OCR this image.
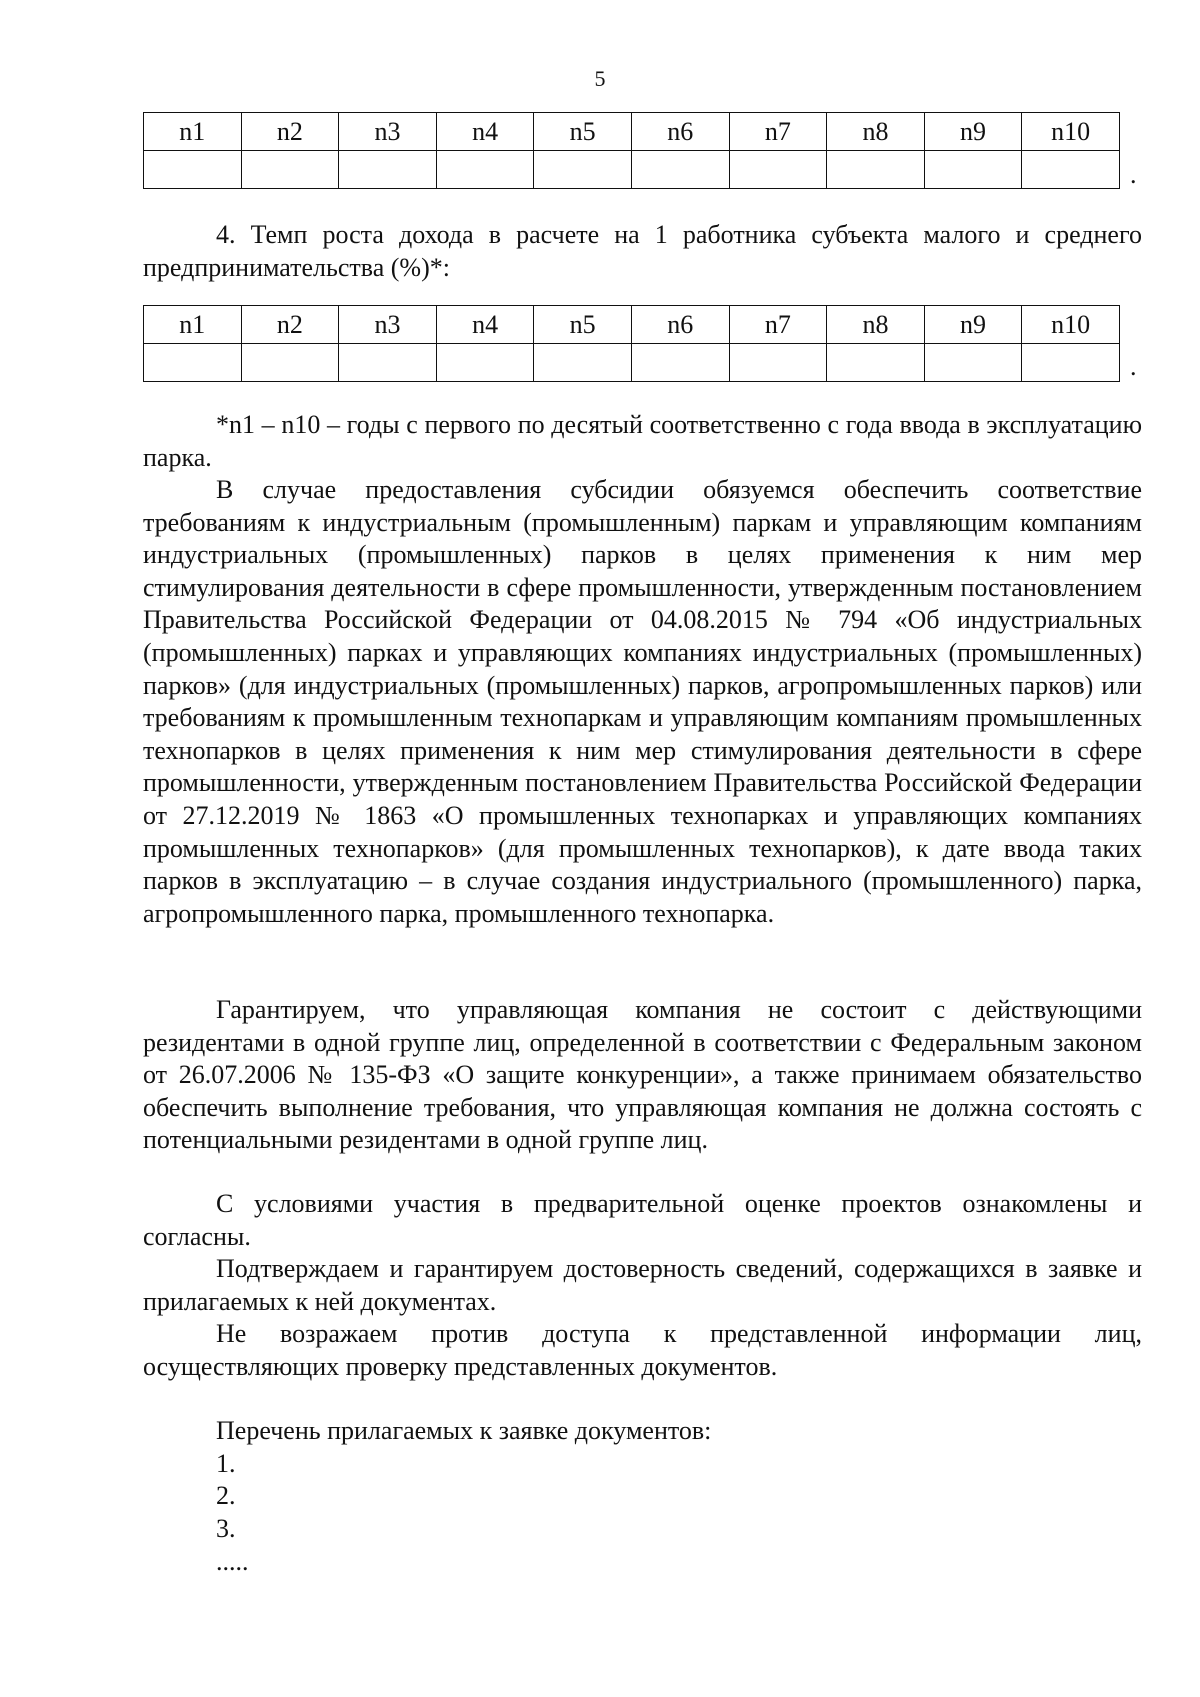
5
n1	n2	n3	n4	n5	n6	n7	n8	n9	n10

.

4. Темп роста дохода в расчете на 1 работника субъекта малого и среднего предпринимательства (%)*:

n1	n2	n3	n4	n5	n6	n7	n8	n9	n10

.

*n1 – n10 – годы с первого по десятый соответственно с года ввода в эксплуатацию парка.

В случае предоставления субсидии обязуемся обеспечить соответствие требованиям к индустриальным (промышленным) паркам и управляющим компаниям индустриальных (промышленных) парков в целях применения к ним мер стимулирования деятельности в сфере промышленности, утвержденным постановлением Правительства Российской Федерации от 04.08.2015 № 794 «Об индустриальных (промышленных) парках и управляющих компаниях индустриальных (промышленных) парков» (для индустриальных (промышленных) парков, агропромышленных парков) или требованиям к промышленным технопаркам и управляющим компаниям промышленных технопарков в целях применения к ним мер стимулирования деятельности в сфере промышленности, утвержденным постановлением Правительства Российской Федерации от 27.12.2019 № 1863 «О промышленных технопарках и управляющих компаниях промышленных технопарков» (для промышленных технопарков), к дате ввода таких парков в эксплуатацию – в случае создания индустриального (промышленного) парка, агропромышленного парка, промышленного технопарка.

Гарантируем, что управляющая компания не состоит с действующими резидентами в одной группе лиц, определенной в соответствии с Федеральным законом от 26.07.2006 № 135-ФЗ «О защите конкуренции», а также принимаем обязательство обеспечить выполнение требования, что управляющая компания не должна состоять с потенциальными резидентами в одной группе лиц.

С условиями участия в предварительной оценке проектов ознакомлены и согласны.

Подтверждаем и гарантируем достоверность сведений, содержащихся в заявке и прилагаемых к ней документах.

Не возражаем против доступа к представленной информации лиц, осуществляющих проверку представленных документов.

Перечень прилагаемых к заявке документов:
1.
2.
3.
.....
